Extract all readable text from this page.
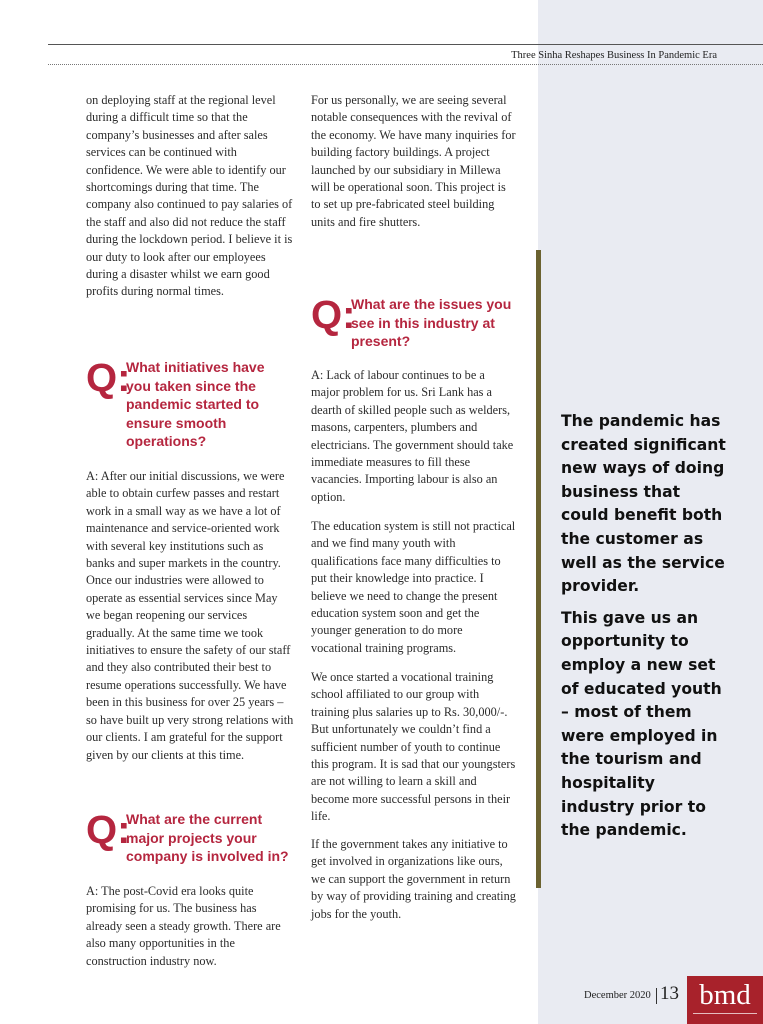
Three Sinha Reshapes Business In Pandemic Era

on deploying staff at the regional level during a difficult time so that the company’s businesses and after sales services can be continued with confidence. We were able to identify our shortcomings during that time. The company also continued to pay salaries of the staff and also did not reduce the staff during the lockdown period. I believe it is our duty to look after our employees during a disaster whilst we earn good profits during normal times.

Q:
What initiatives have you taken since the pandemic started to ensure smooth operations?

A: After our initial discussions, we were able to obtain curfew passes and restart work in a small way as we have a lot of maintenance and service-oriented work with several key institutions such as banks and super markets in the country. Once our industries were allowed to operate as essential services since May we began reopening our services gradually. At the same time we took initiatives to ensure the safety of our staff and they also contributed their best to resume operations successfully. We have been in this business for over 25 years – so have built up very strong relations with our clients. I am grateful for the support given by our clients at this time.

Q:
What are the current major projects your company is involved in?

A: The post-Covid era looks quite promising for us. The business has already seen a steady growth. There are also many opportunities in the construction industry now.

For us personally, we are seeing several notable consequences with the revival of the economy. We have many inquiries for building factory buildings. A project launched by our subsidiary in Millewa will be operational soon. This project is to set up pre-fabricated steel building units and fire shutters.

Q:
What are the issues you see in this industry at present?

A: Lack of labour continues to be a major problem for us. Sri Lank has a dearth of skilled people such as welders, masons, carpenters, plumbers and electricians. The government should take immediate measures to fill these vacancies. Importing labour is also an option.

The education system is still not practical and we find many youth with qualifications face many difficulties to put their knowledge into practice. I believe we need to change the present education system soon and get the younger generation to do more vocational training programs.

We once started a vocational training school affiliated to our group with training plus salaries up to Rs. 30,000/-. But unfortunately we couldn’t find a sufficient number of youth to continue this program. It is sad that our youngsters are not willing to learn a skill and become more successful persons in their life.

If the government takes any initiative to get involved in organizations like ours, we can support the government in return by way of providing training and creating jobs for the youth.

The pandemic has created significant new ways of doing business that could benefit both the customer as well as the service provider.

This gave us an opportunity to employ a new set of educated youth – most of them were employed in the tourism and hospitality industry prior to the pandemic.

December 2020 13 bmd
